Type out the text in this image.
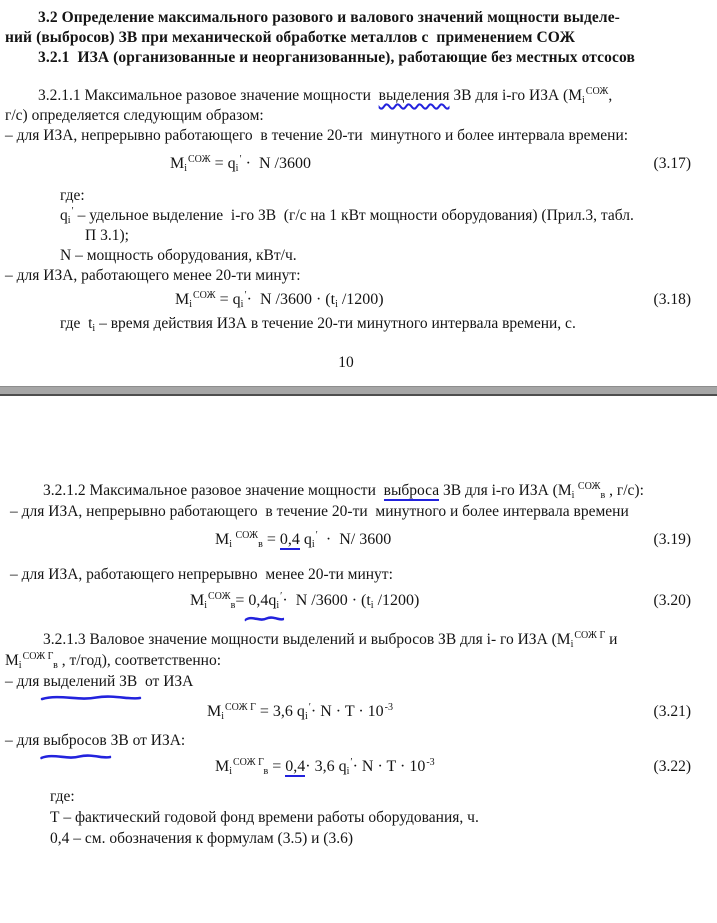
3.2 Определение максимального разового и валового значений мощности выделе-
ний (выбросов) ЗВ при механической обработке металлов с  применением СОЖ
3.2.1  ИЗА (организованные и неорганизованные), работающие без местных отсосов
3.2.1.1 Максимальное разовое значение мощности  выделения ЗВ для i-го ИЗА ($M_i^{СОЖ}$,
г/с) определяется следующим образом:
– для ИЗА, непрерывно работающего  в течение 20-ти  минутного и более интервала времени:
$M_i^{СОЖ} = q_i' \cdot N$ /3600	(3.17)
где:
$q_i'$ – удельное выделение  i-го ЗВ  (г/с на 1 кВт мощности оборудования) (Прил.3, табл.
П 3.1);
N – мощность оборудования, кВт/ч.
– для ИЗА, работающего менее 20-ти минут:
$M_i^{СОЖ} = q_i'\cdot N$ $/3600 \cdot (t_i$ /1200)	(3.18)
где  $t_i$ – время действия ИЗА в течение 20-ти минутного интервала времени, с.
10
3.2.1.2 Максимальное разовое значение мощности  выброса ЗВ для i-го ИЗА ($M_i$ $^{СОЖ}_в$ , г/с):
– для ИЗА, непрерывно работающего  в течение 20-ти  минутного и более интервала времени
$M_i$ $^{СОЖ}_в$ = 0,4 $q_i' \cdot N/$ 3600	(3.19)
– для ИЗА, работающего непрерывно  менее 20-ти минут:
$M_i^{СОЖ}_в= 0,4q_i$
′·  N $/3600 \cdot (t_i$ /1200)	(3.20)
3.2.1.3 Валовое значение мощности выделений и выбросов ЗВ для i- го ИЗА ($M_i^{СОЖ Г}$ и
$M_i^{СОЖ Г}_в$ , т/год), соответственно:
– для выделений ЗВ
от ИЗА
$M_i^{СОЖ Г} = 3,6$ $q_i'\cdot N \cdot T \cdot 10^{-3}$	(3.21)
– для выбросов
ЗВ от ИЗА:
$M_i^{СОЖ Г}_в = 0,4\cdot 3,6$ $q_i'\cdot N \cdot T \cdot 10^{-3}$	(3.22)
где:
Т – фактический годовой фонд времени работы оборудования, ч.
0,4 – см. обозначения к формулам (3.5) и (3.6)
